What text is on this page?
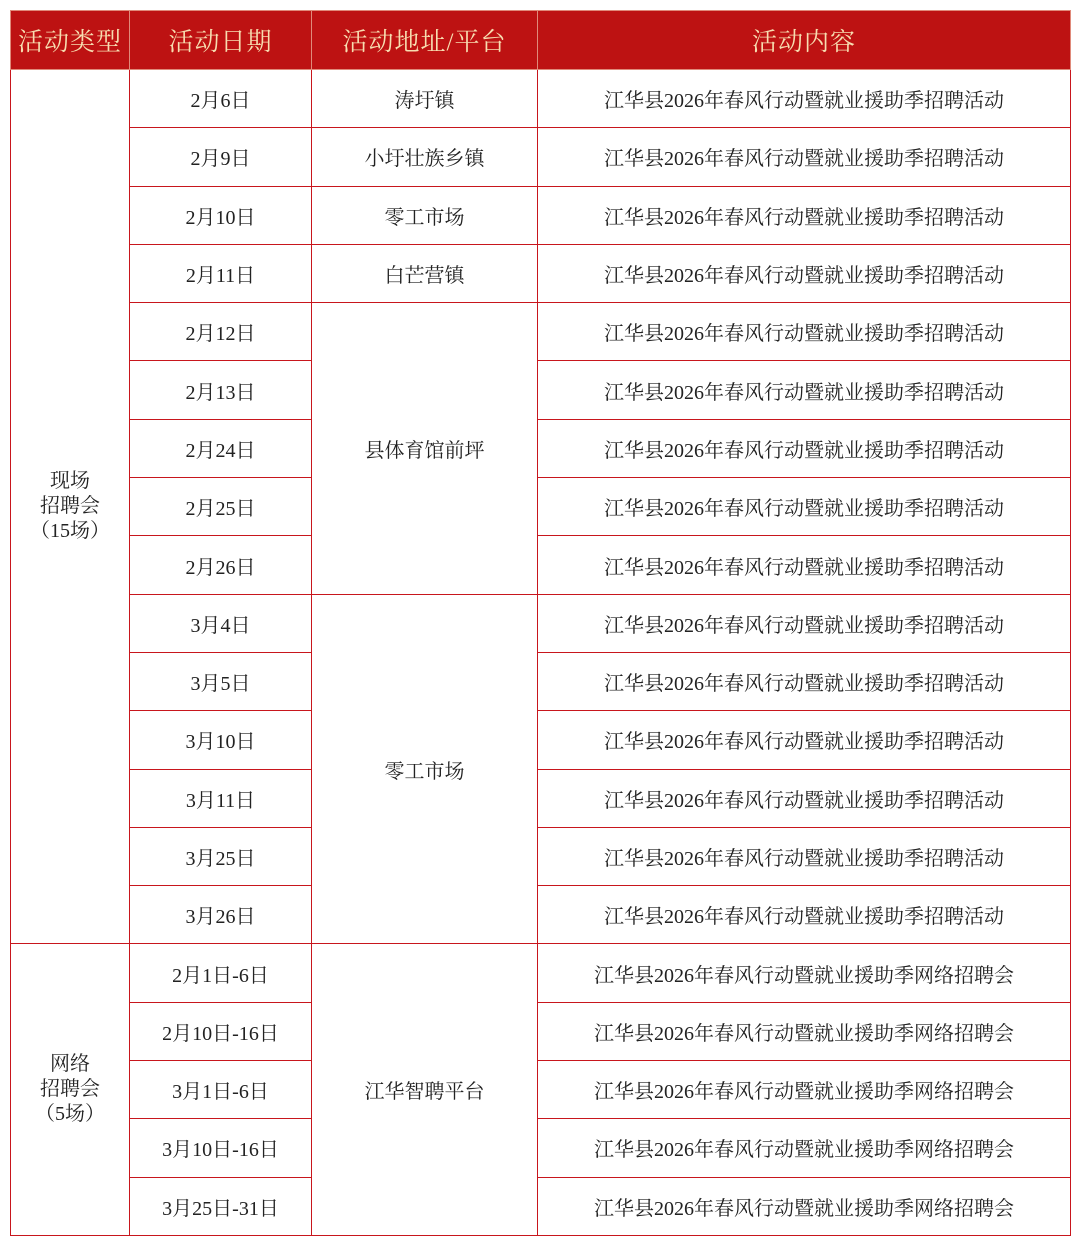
活动类型	活动日期	活动地址/平台	活动内容

现场
招聘会
（15场）	2月6日	涛圩镇	江华县2026年春风行动暨就业援助季招聘活动
	2月9日	小圩壮族乡镇	江华县2026年春风行动暨就业援助季招聘活动
	2月10日	零工市场	江华县2026年春风行动暨就业援助季招聘活动
	2月11日	白芒营镇	江华县2026年春风行动暨就业援助季招聘活动
	2月12日	县体育馆前坪	江华县2026年春风行动暨就业援助季招聘活动
	2月13日		江华县2026年春风行动暨就业援助季招聘活动
	2月24日		江华县2026年春风行动暨就业援助季招聘活动
	2月25日		江华县2026年春风行动暨就业援助季招聘活动
	2月26日		江华县2026年春风行动暨就业援助季招聘活动
	3月4日	零工市场	江华县2026年春风行动暨就业援助季招聘活动
	3月5日		江华县2026年春风行动暨就业援助季招聘活动
	3月10日		江华县2026年春风行动暨就业援助季招聘活动
	3月11日		江华县2026年春风行动暨就业援助季招聘活动
	3月25日		江华县2026年春风行动暨就业援助季招聘活动
	3月26日		江华县2026年春风行动暨就业援助季招聘活动

网络
招聘会
（5场）	2月1日-6日	江华智聘平台	江华县2026年春风行动暨就业援助季网络招聘会
	2月10日-16日		江华县2026年春风行动暨就业援助季网络招聘会
	3月1日-6日		江华县2026年春风行动暨就业援助季网络招聘会
	3月10日-16日		江华县2026年春风行动暨就业援助季网络招聘会
	3月25日-31日		江华县2026年春风行动暨就业援助季网络招聘会
